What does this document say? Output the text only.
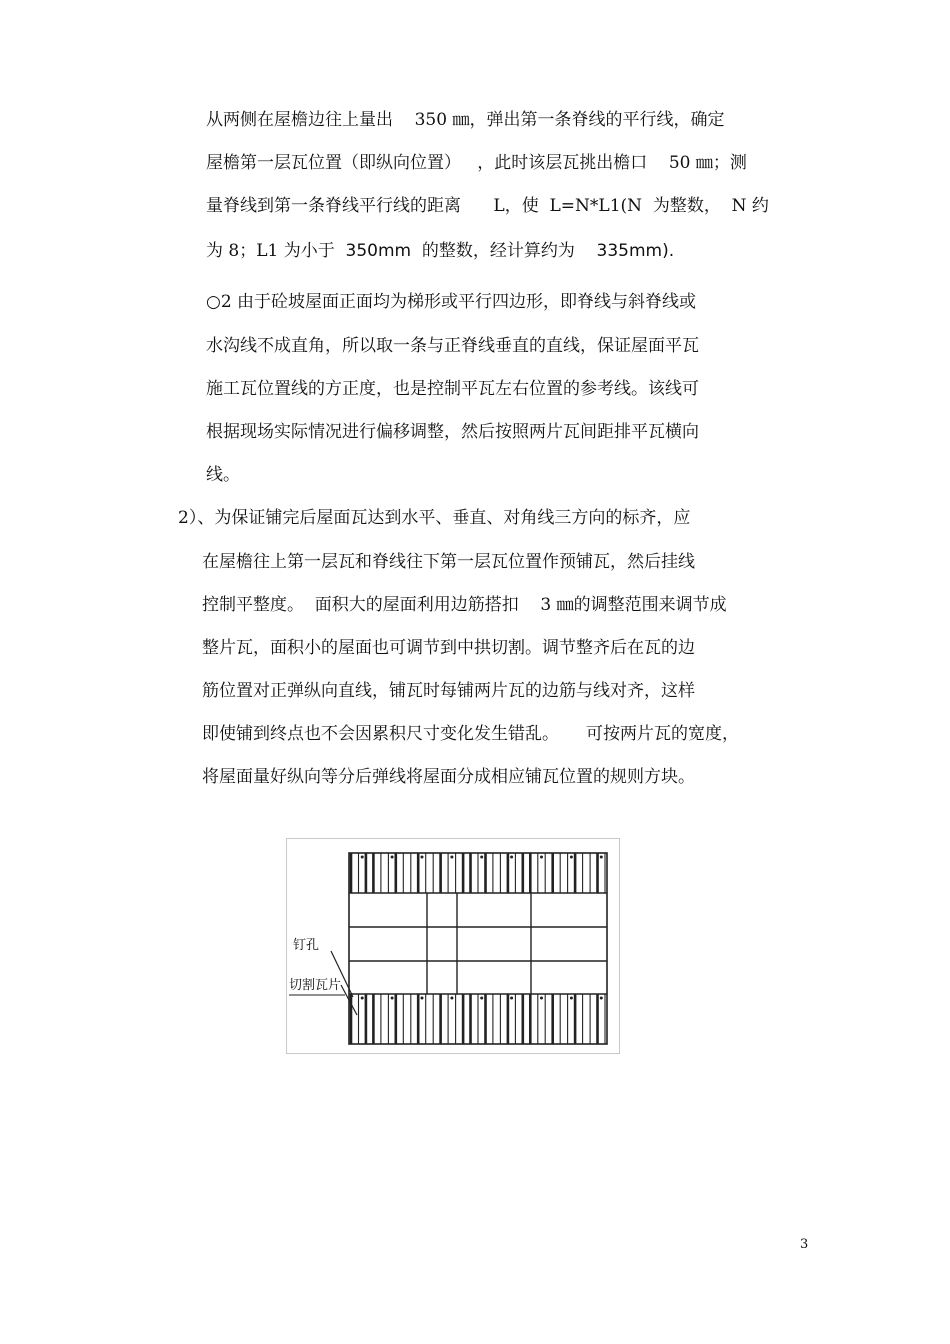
从两侧在屋檐边往上量出    350 ㎜，弹出第一条脊线的平行线，确定
屋檐第一层瓦位置（即纵向位置）   ，此时该层瓦挑出檐口    50 ㎜；测
量脊线到第一条脊线平行线的距离      L，使  L=N*L1(N  为整数，  N 约
为 8；L1 为小于  350mm  的整数，经计算约为    335mm).
○2 由于砼坡屋面正面均为梯形或平行四边形，即脊线与斜脊线或
水沟线不成直角，所以取一条与正脊线垂直的直线，保证屋面平瓦
施工瓦位置线的方正度，也是控制平瓦左右位置的参考线。该线可
根据现场实际情况进行偏移调整，然后按照两片瓦间距排平瓦横向
线。
2）、为保证铺完后屋面瓦达到水平、垂直、对角线三方向的标齐，应
在屋檐往上第一层瓦和脊线往下第一层瓦位置作预铺瓦，然后挂线
控制平整度。  面积大的屋面利用边筋搭扣    3 ㎜的调整范围来调节成
整片瓦，面积小的屋面也可调节到中拱切割。调节整齐后在瓦的边
筋位置对正弹纵向直线，铺瓦时每铺两片瓦的边筋与线对齐，这样
即使铺到终点也不会因累积尺寸变化发生错乱。     可按两片瓦的宽度，
将屋面量好纵向等分后弹线将屋面分成相应铺瓦位置的规则方块。
钉孔
切割瓦片
3
